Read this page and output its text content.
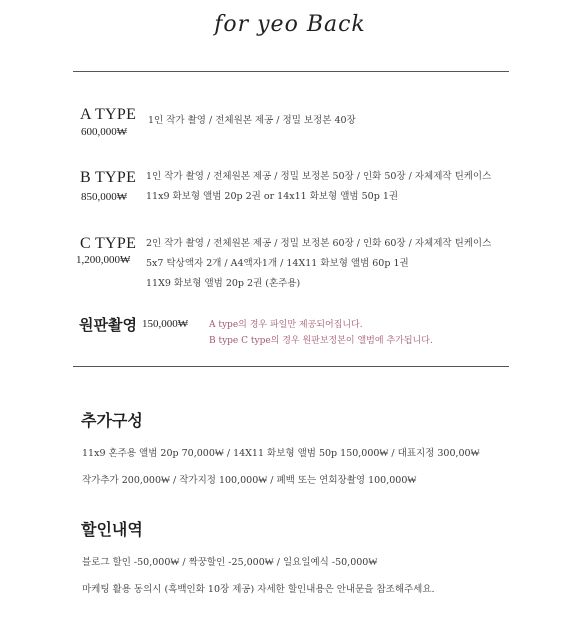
for yeo Back
A TYPE
600,000₩
1인 작가 촬영 / 전체원본 제공 / 정밀 보정본 40장
B TYPE
850,000₩
1인 작가 촬영 / 전체원본 제공 / 정밀 보정본 50장 / 인화 50장 / 자체제작 틴케이스
11x9 화보형 앨범 20p 2권 or 14x11 화보형 앨범 50p 1권
C TYPE
1,200,000₩
2인 작가 촬영 / 전체원본 제공 / 정밀 보정본 60장 / 인화 60장 / 자체제작 틴케이스
5x7 탁상액자 2개 / A4액자1개 / 14X11 화보형 앨범 60p 1권
11X9 화보형 앨범 20p 2권 (혼주용)
원판촬영 150,000₩ A type의 경우 파일만 제공되어집니다.
B type C type의 경우 원판보정본이 앨범에 추가됩니다.
추가구성
11x9 혼주용 앨범 20p 70,000₩ / 14X11 화보형 앨범 50p 150,000₩ / 대표지정 300,00₩
작가추가 200,000₩ / 작가지정 100,000₩ / 폐백 또는 연회장촬영 100,000₩
할인내역
블로그 할인 -50,000₩ / 짝꿍할인 -25,000₩ / 일요일예식 -50,000₩
마케팅 활용 동의시 (흑백인화 10장 제공) 자세한 할인내용은 안내문을 참조해주세요.
